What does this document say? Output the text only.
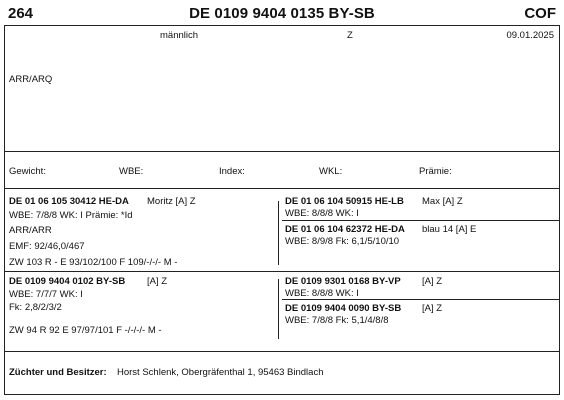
264	DE 0109 9404 0135 BY-SB	COF
männlich	Z	09.01.2025
ARR/ARQ
Gewicht:	WBE:	Index:	WKL:	Prämie:
DE 01 06 105 30412 HE-DA Moritz [A] Z
WBE: 7/8/8 WK: I Prämie: *Id
ARR/ARR
EMF: 92/46,0/467
ZW 103 R - E 93/102/100 F 109/-/-/- M -
DE 01 06 104 50915 HE-LB Max [A] Z
WBE: 8/8/8 WK: I
DE 01 06 104 62372 HE-DA blau 14 [A] E
WBE: 8/9/8 Fk: 6,1/5/10/10
DE 0109 9404 0102 BY-SB [A] Z
WBE: 7/7/7 WK: I
Fk: 2,8/2/3/2
ZW 94 R 92 E 97/97/101 F -/-/-/- M -
DE 0109 9301 0168 BY-VP [A] Z
WBE: 8/8/8 WK: I
DE 0109 9404 0090 BY-SB [A] Z
WBE: 7/8/8 Fk: 5,1/4/8/8
Züchter und Besitzer: Horst Schlenk, Obergräfenthal 1, 95463 Bindlach
